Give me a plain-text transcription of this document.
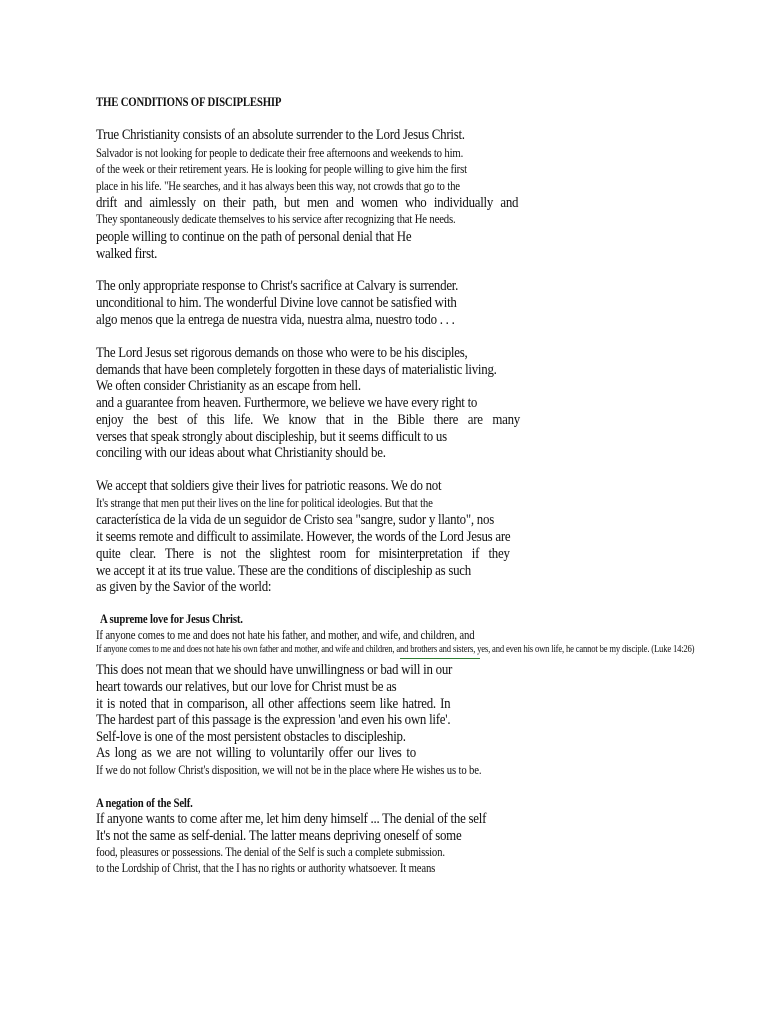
THE CONDITIONS OF DISCIPLESHIP
True Christianity consists of an absolute surrender to the Lord Jesus Christ.
Salvador is not looking for people to dedicate their free afternoons and weekends to him.
of the week or their retirement years. He is looking for people willing to give him the first
place in his life. "He searches, and it has always been this way, not crowds that go to the
drift and aimlessly on their path, but men and women who individually and
They spontaneously dedicate themselves to his service after recognizing that He needs.
people willing to continue on the path of personal denial that He
walked first.
The only appropriate response to Christ's sacrifice at Calvary is surrender.
unconditional to him. The wonderful Divine love cannot be satisfied with
algo menos que la entrega de nuestra vida, nuestra alma, nuestro todo . . .
The Lord Jesus set rigorous demands on those who were to be his disciples,
demands that have been completely forgotten in these days of materialistic living.
We often consider Christianity as an escape from hell.
and a guarantee from heaven. Furthermore, we believe we have every right to
enjoy the best of this life. We know that in the Bible there are many
verses that speak strongly about discipleship, but it seems difficult to us
conciling with our ideas about what Christianity should be.
We accept that soldiers give their lives for patriotic reasons. We do not
It's strange that men put their lives on the line for political ideologies. But that the
característica de la vida de un seguidor de Cristo sea "sangre, sudor y llanto", nos
it seems remote and difficult to assimilate. However, the words of the Lord Jesus are
quite clear. There is not the slightest room for misinterpretation if they
we accept it at its true value. These are the conditions of discipleship as such
as given by the Savior of the world:
A supreme love for Jesus Christ.
If anyone comes to me and does not hate his father, and mother, and wife, and children, and
If anyone comes to me and does not hate his own father and mother, and wife and children, and brothers and sisters, yes, and even his own life, he cannot be my disciple. (Luke 14:26)
This does not mean that we should have unwillingness or bad will in our
heart towards our relatives, but our love for Christ must be as
it is noted that in comparison, all other affections seem like hatred. In
The hardest part of this passage is the expression 'and even his own life'.
Self-love is one of the most persistent obstacles to discipleship.
As long as we are not willing to voluntarily offer our lives to
If we do not follow Christ's disposition, we will not be in the place where He wishes us to be.
A negation of the Self.
If anyone wants to come after me, let him deny himself ... The denial of the self
It's not the same as self-denial. The latter means depriving oneself of some
food, pleasures or possessions. The denial of the Self is such a complete submission.
to the Lordship of Christ, that the I has no rights or authority whatsoever. It means
